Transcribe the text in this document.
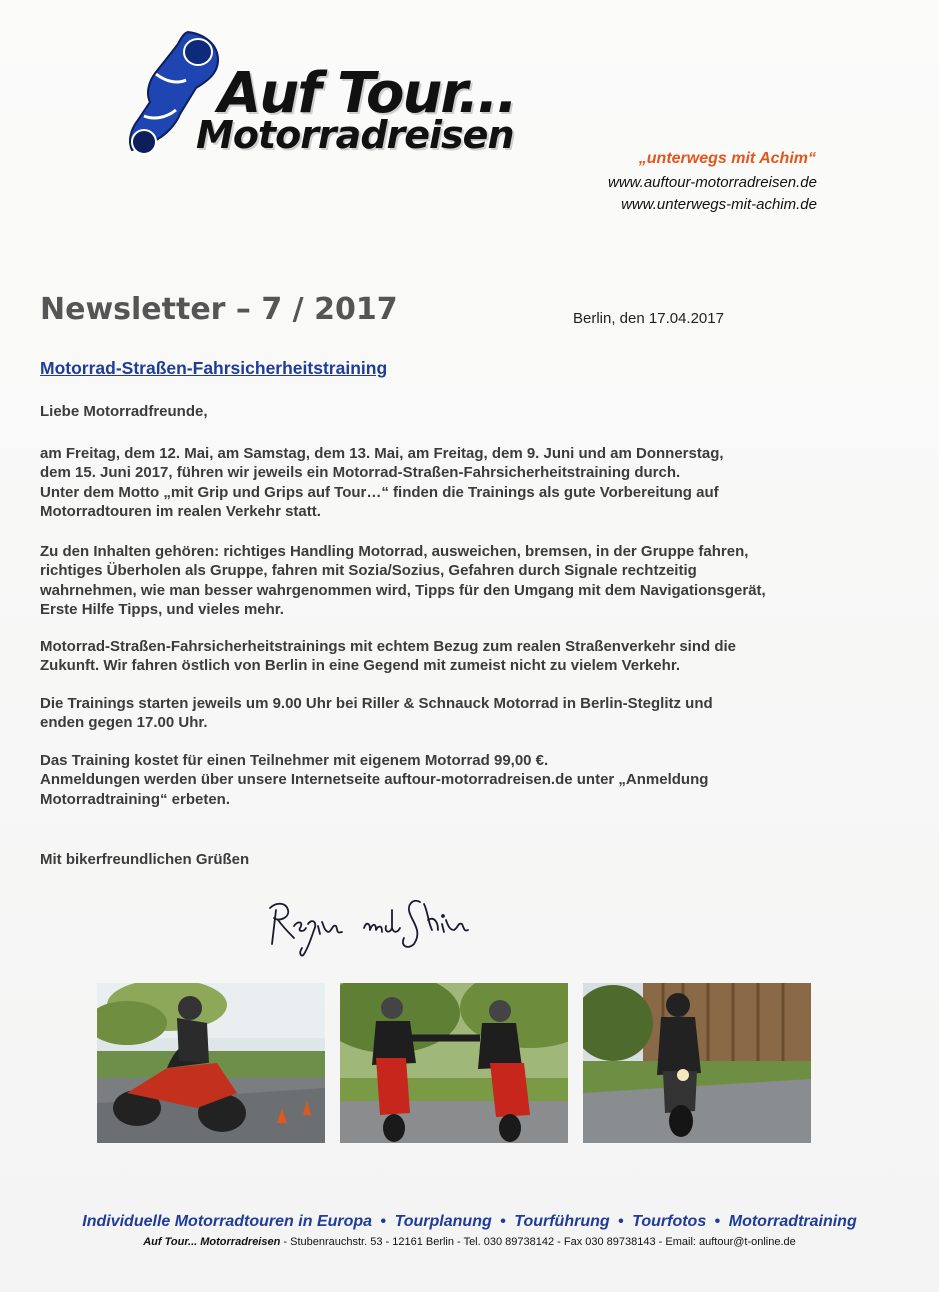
Auf Tour...
Motorradreisen
„unterwegs mit Achim“
www.auftour-motorradreisen.de
www.unterwegs-mit-achim.de
Newsletter – 7 / 2017	Berlin, den 17.04.2017
Motorrad-Straßen-Fahrsicherheitstraining

Liebe Motorradfreunde,

am Freitag, dem 12. Mai, am Samstag, dem 13. Mai, am Freitag, dem 9. Juni und am Donnerstag,

dem 15. Juni 2017, führen wir jeweils ein Motorrad-Straßen-Fahrsicherheitstraining durch.

Unter dem Motto „mit Grip und Grips auf Tour…“ finden die Trainings als gute Vorbereitung auf

Motorradtouren im realen Verkehr statt.

Zu den Inhalten gehören: richtiges Handling Motorrad, ausweichen, bremsen, in der Gruppe fahren,

richtiges Überholen als Gruppe, fahren mit Sozia/Sozius, Gefahren durch Signale rechtzeitig

wahrnehmen, wie man besser wahrgenommen wird, Tipps für den Umgang mit dem Navigationsgerät,

Erste Hilfe Tipps, und vieles mehr.

Motorrad-Straßen-Fahrsicherheitstrainings mit echtem Bezug zum realen Straßenverkehr sind die

Zukunft. Wir fahren östlich von Berlin in eine Gegend mit zumeist nicht zu vielem Verkehr.

Die Trainings starten jeweils um 9.00 Uhr bei Riller & Schnauck Motorrad in Berlin-Steglitz und

enden gegen 17.00 Uhr.

Das Training kostet für einen Teilnehmer mit eigenem Motorrad 99,00 €.

Anmeldungen werden über unsere Internetseite auftour-motorradreisen.de unter „Anmeldung

Motorradtraining“ erbeten.

Mit bikerfreundlichen Grüßen

Individuelle Motorradtouren in Europa • Tourplanung • Tourführung • Tourfotos • Motorradtraining
Auf Tour... Motorradreisen - Stubenrauchstr. 53 - 12161 Berlin - Tel. 030 89738142 - Fax 030 89738143 - Email: auftour@t-online.de
